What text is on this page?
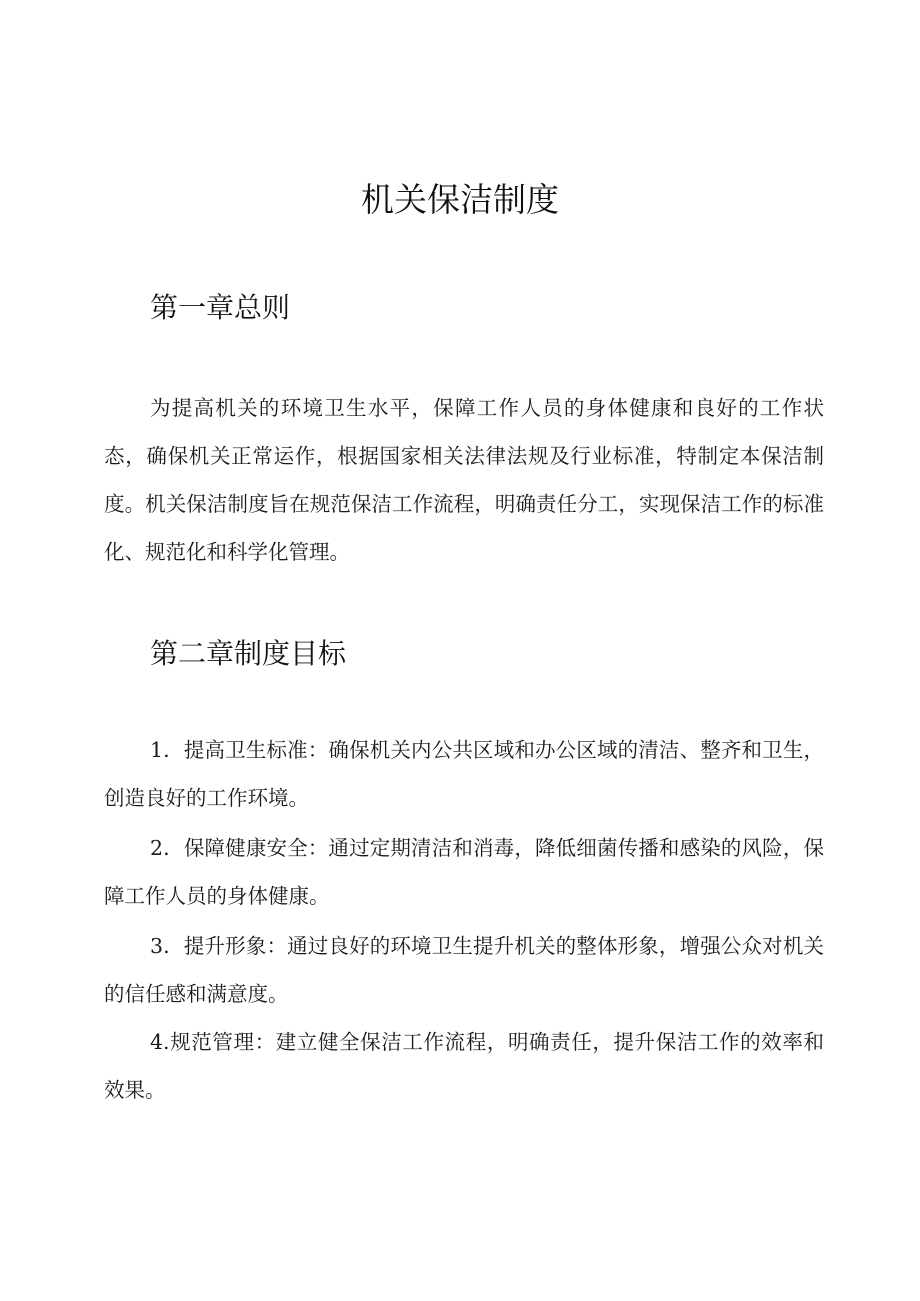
机关保洁制度
第一章总则

为提高机关的环境卫生水平，保障工作人员的身体健康和良好的工作状态，确保机关正常运作，根据国家相关法律法规及行业标准，特制定本保洁制度。机关保洁制度旨在规范保洁工作流程，明确责任分工，实现保洁工作的标准化、规范化和科学化管理。

第二章制度目标

1．提高卫生标准：确保机关内公共区域和办公区域的清洁、整齐和卫生，创造良好的工作环境。

2．保障健康安全：通过定期清洁和消毒，降低细菌传播和感染的风险，保障工作人员的身体健康。

3．提升形象：通过良好的环境卫生提升机关的整体形象，增强公众对机关的信任感和满意度。

4.规范管理：建立健全保洁工作流程，明确责任，提升保洁工作的效率和效果。
